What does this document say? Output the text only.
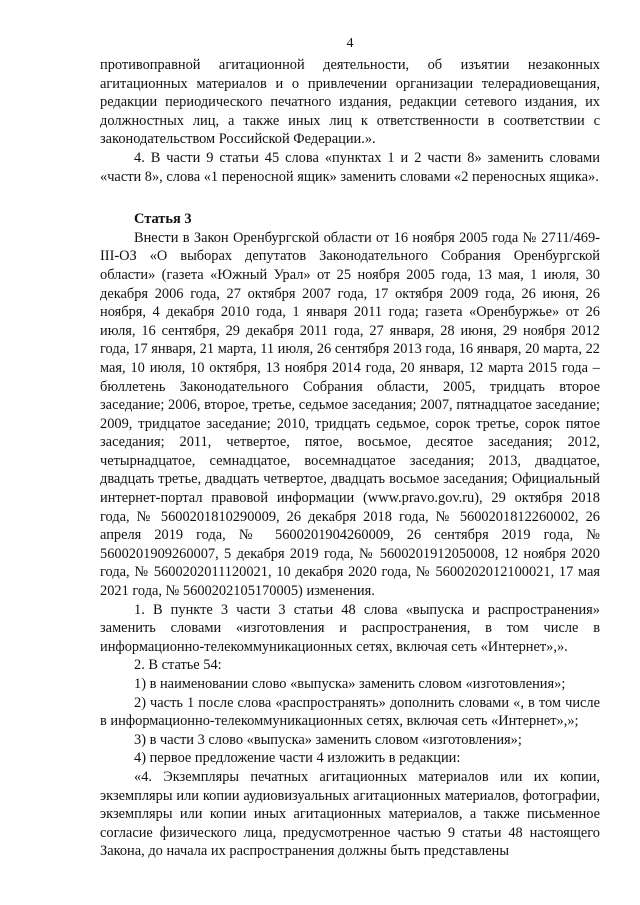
4

противоправной агитационной деятельности, об изъятии незаконных агитационных материалов и о привлечении организации телерадиовещания, редакции периодического печатного издания, редакции сетевого издания, их должностных лиц, а также иных лиц к ответственности в соответствии с законодательством Российской Федерации.».

4. В части 9 статьи 45 слова «пунктах 1 и 2 части 8» заменить словами «части 8», слова «1 переносной ящик» заменить словами «2 переносных ящика».

Статья 3

Внести в Закон Оренбургской области от 16 ноября 2005 года № 2711/469-III-ОЗ «О выборах депутатов Законодательного Собрания Оренбургской области» (газета «Южный Урал» от 25 ноября 2005 года, 13 мая, 1 июля, 30 декабря 2006 года, 27 октября 2007 года, 17 октября 2009 года, 26 июня, 26 ноября, 4 декабря 2010 года, 1 января 2011 года; газета «Оренбуржье» от 26 июля, 16 сентября, 29 декабря 2011 года, 27 января, 28 июня, 29 ноября 2012 года, 17 января, 21 марта, 11 июля, 26 сентября 2013 года, 16 января, 20 марта, 22 мая, 10 июля, 10 октября, 13 ноября 2014 года, 20 января, 12 марта 2015 года – бюллетень Законодательного Собрания области, 2005, тридцать второе заседание; 2006, второе, третье, седьмое заседания; 2007, пятнадцатое заседание; 2009, тридцатое заседание; 2010, тридцать седьмое, сорок третье, сорок пятое заседания; 2011, четвертое, пятое, восьмое, десятое заседания; 2012, четырнадцатое, семнадцатое, восемнадцатое заседания; 2013, двадцатое, двадцать третье, двадцать четвертое, двадцать восьмое заседания; Официальный интернет-портал правовой информации (www.pravo.gov.ru), 29 октября 2018 года, № 5600201810290009, 26 декабря 2018 года, № 5600201812260002, 26 апреля 2019 года, № 5600201904260009, 26 сентября 2019 года, № 5600201909260007, 5 декабря 2019 года, № 5600201912050008, 12 ноября 2020 года, № 5600202011120021, 10 декабря 2020 года, № 5600202012100021, 17 мая 2021 года, № 5600202105170005) изменения.

1. В пункте 3 части 3 статьи 48 слова «выпуска и распространения» заменить словами «изготовления и распространения, в том числе в информационно-телекоммуникационных сетях, включая сеть «Интернет»,».

2. В статье 54:

1) в наименовании слово «выпуска» заменить словом «изготовления»;

2) часть 1 после слова «распространять» дополнить словами «, в том числе в информационно-телекоммуникационных сетях, включая сеть «Интернет»,»;

3) в части 3 слово «выпуска» заменить словом «изготовления»;

4) первое предложение части 4 изложить в редакции:

«4. Экземпляры печатных агитационных материалов или их копии, экземпляры или копии аудиовизуальных агитационных материалов, фотографии, экземпляры или копии иных агитационных материалов, а также письменное согласие физического лица, предусмотренное частью 9 статьи 48 настоящего Закона, до начала их распространения должны быть представлены
